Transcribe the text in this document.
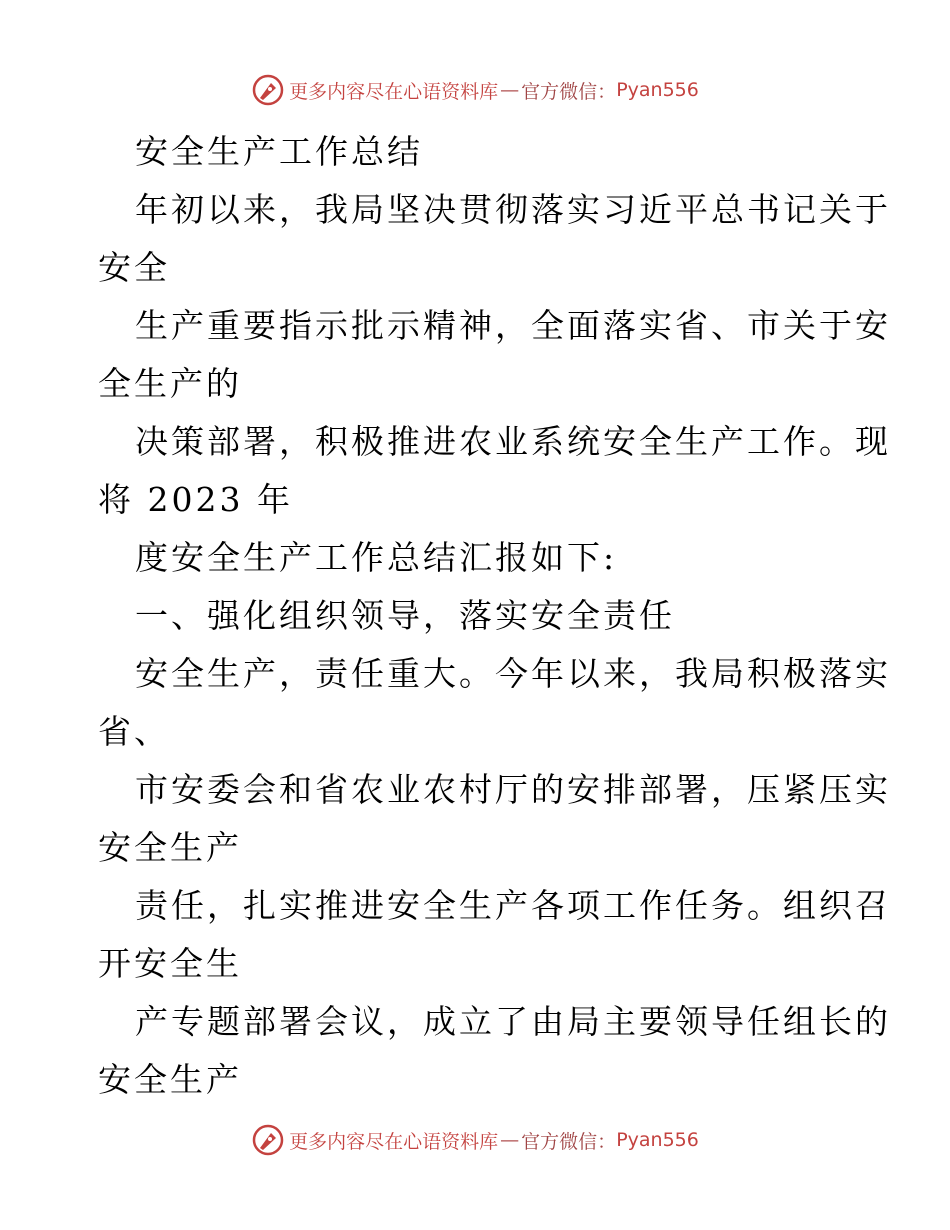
更多内容尽在心语资料库 — 官方微信： Pyan556

安全生产工作总结

年初以来，我局坚决贯彻落实习近平总书记关于

安全

生产重要指示批示精神，全面落实省、市关于安

全生产的

决策部署，积极推进农业系统安全生产工作。现

将 2023 年

度安全生产工作总结汇报如下:

一、强化组织领导，落实安全责任

安全生产，责任重大。今年以来，我局积极落实

省、

市安委会和省农业农村厅的安排部署，压紧压实

安全生产

责任，扎实推进安全生产各项工作任务。组织召

开安全生

产专题部署会议，成立了由局主要领导任组长的

安全生产

更多内容尽在心语资料库 — 官方微信： Pyan556
